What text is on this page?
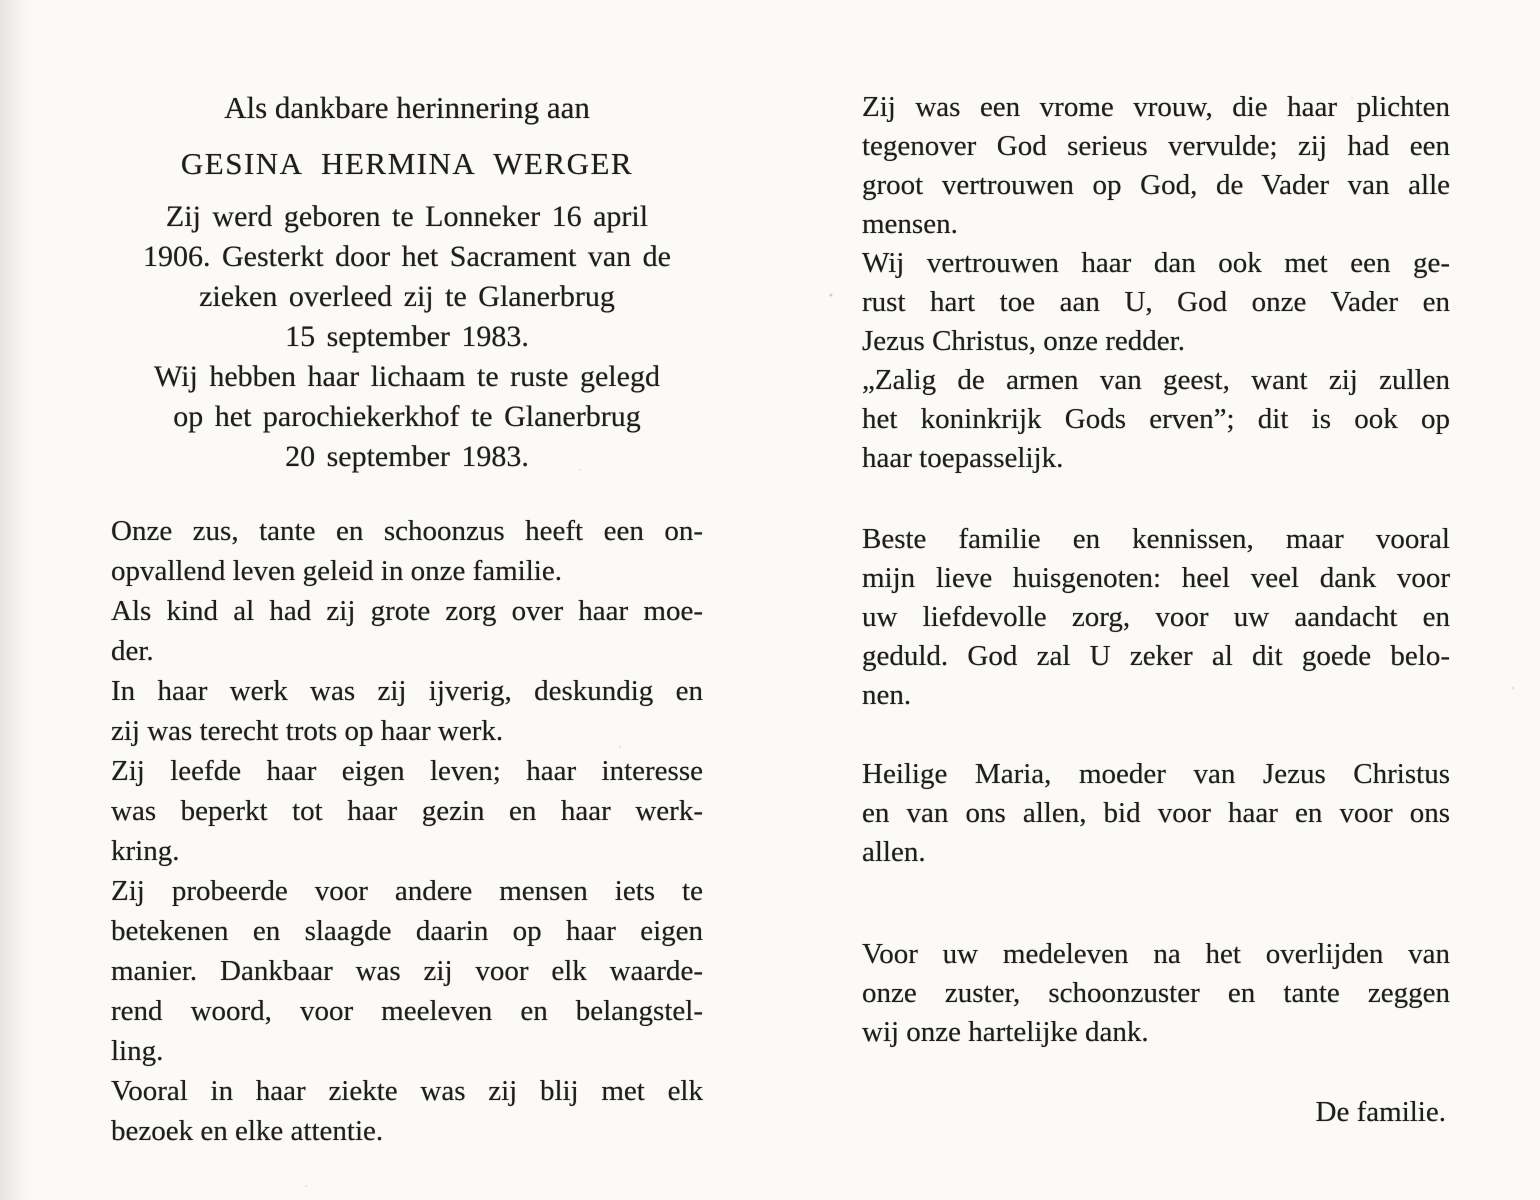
Als dankbare herinnering aan
GESINA HERMINA WERGER
Zij werd geboren te Lonneker 16 april
1906. Gesterkt door het Sacrament van de
zieken overleed zij te Glanerbrug
15 september 1983.
Wij hebben haar lichaam te ruste gelegd
op het parochiekerkhof te Glanerbrug
20 september 1983.
Onze zus, tante en schoonzus heeft een on-
opvallend leven geleid in onze familie.
Als kind al had zij grote zorg over haar moe-
der.
In haar werk was zij ijverig, deskundig en
zij was terecht trots op haar werk.
Zij leefde haar eigen leven; haar interesse
was beperkt tot haar gezin en haar werk-
kring.
Zij probeerde voor andere mensen iets te
betekenen en slaagde daarin op haar eigen
manier. Dankbaar was zij voor elk waarde-
rend woord, voor meeleven en belangstel-
ling.
Vooral in haar ziekte was zij blij met elk
bezoek en elke attentie.
Zij was een vrome vrouw, die haar plichten
tegenover God serieus vervulde; zij had een
groot vertrouwen op God, de Vader van alle
mensen.
Wij vertrouwen haar dan ook met een ge-
rust hart toe aan U, God onze Vader en
Jezus Christus, onze redder.
„Zalig de armen van geest, want zij zullen
het koninkrijk Gods erven”; dit is ook op
haar toepasselijk.
Beste familie en kennissen, maar vooral
mijn lieve huisgenoten: heel veel dank voor
uw liefdevolle zorg, voor uw aandacht en
geduld. God zal U zeker al dit goede belo-
nen.
Heilige Maria, moeder van Jezus Christus
en van ons allen, bid voor haar en voor ons
allen.
Voor uw medeleven na het overlijden van
onze zuster, schoonzuster en tante zeggen
wij onze hartelijke dank.
De familie.
